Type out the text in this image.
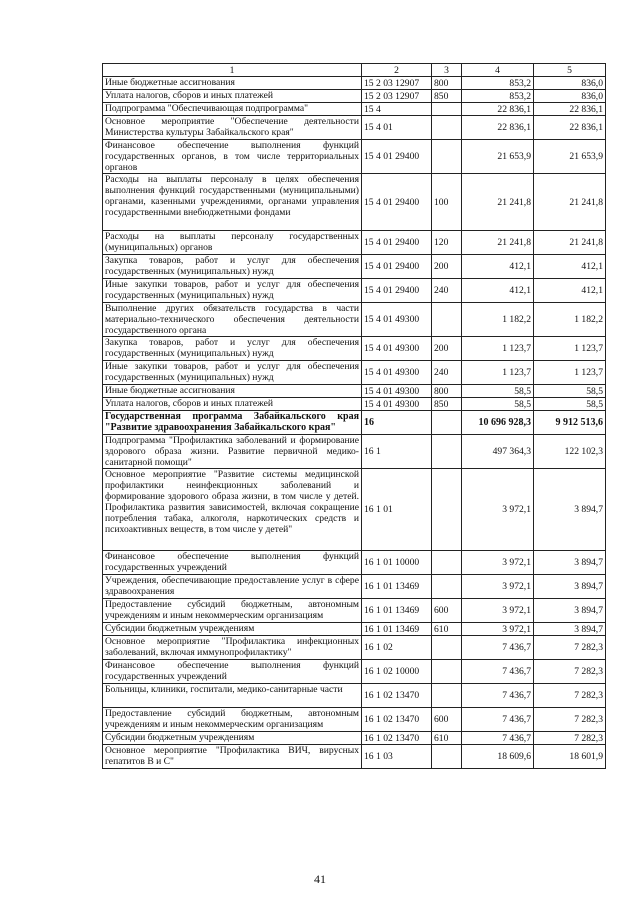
1	2	3	4	5
Иные бюджетные ассигнования	15 2 03 12907	800	853,2	836,0
Уплата налогов, сборов и иных платежей	15 2 03 12907	850	853,2	836,0
Подпрограмма "Обеспечивающая подпрограмма"	15 4		22 836,1	22 836,1
Основное мероприятие "Обеспечение деятельности Министерства культуры Забайкальского края"	15 4 01		22 836,1	22 836,1
Финансовое обеспечение выполнения функций государственных органов, в том числе территориальных органов	15 4 01 29400		21 653,9	21 653,9
Расходы на выплаты персоналу в целях обеспечения выполнения функций государственными (муниципальными) органами, казенными учреждениями, органами управления государственными внебюджетными фондами	15 4 01 29400	100	21 241,8	21 241,8
Расходы на выплаты персоналу государственных (муниципальных) органов	15 4 01 29400	120	21 241,8	21 241,8
Закупка товаров, работ и услуг для обеспечения государственных (муниципальных) нужд	15 4 01 29400	200	412,1	412,1
Иные закупки товаров, работ и услуг для обеспечения государственных (муниципальных) нужд	15 4 01 29400	240	412,1	412,1
Выполнение других обязательств государства в части материально-технического обеспечения деятельности государственного органа	15 4 01 49300		1 182,2	1 182,2
Закупка товаров, работ и услуг для обеспечения государственных (муниципальных) нужд	15 4 01 49300	200	1 123,7	1 123,7
Иные закупки товаров, работ и услуг для обеспечения государственных (муниципальных) нужд	15 4 01 49300	240	1 123,7	1 123,7
Иные бюджетные ассигнования	15 4 01 49300	800	58,5	58,5
Уплата налогов, сборов и иных платежей	15 4 01 49300	850	58,5	58,5
Государственная программа Забайкальского края "Развитие здравоохранения Забайкальского края"	16		10 696 928,3	9 912 513,6
Подпрограмма "Профилактика заболеваний и формирование здорового образа жизни. Развитие первичной медико-санитарной помощи"	16 1		497 364,3	122 102,3
Основное мероприятие "Развитие системы медицинской профилактики неинфекционных заболеваний и формирование здорового образа жизни, в том числе у детей. Профилактика развития зависимостей, включая сокращение потребления табака, алкоголя, наркотических средств и психоактивных веществ, в том числе у детей"	16 1 01		3 972,1	3 894,7
Финансовое обеспечение выполнения функций государственных учреждений	16 1 01 10000		3 972,1	3 894,7
Учреждения, обеспечивающие предоставление услуг в сфере здравоохранения	16 1 01 13469		3 972,1	3 894,7
Предоставление субсидий бюджетным, автономным учреждениям и иным некоммерческим организациям	16 1 01 13469	600	3 972,1	3 894,7
Субсидии бюджетным учреждениям	16 1 01 13469	610	3 972,1	3 894,7
Основное мероприятие "Профилактика инфекционных заболеваний, включая иммунопрофилактику"	16 1 02		7 436,7	7 282,3
Финансовое обеспечение выполнения функций государственных учреждений	16 1 02 10000		7 436,7	7 282,3
Больницы, клиники, госпитали, медико-санитарные части	16 1 02 13470		7 436,7	7 282,3
Предоставление субсидий бюджетным, автономным учреждениям и иным некоммерческим организациям	16 1 02 13470	600	7 436,7	7 282,3
Субсидии бюджетным учреждениям	16 1 02 13470	610	7 436,7	7 282,3
Основное мероприятие "Профилактика ВИЧ, вирусных гепатитов В и С"	16 1 03		18 609,6	18 601,9
41
